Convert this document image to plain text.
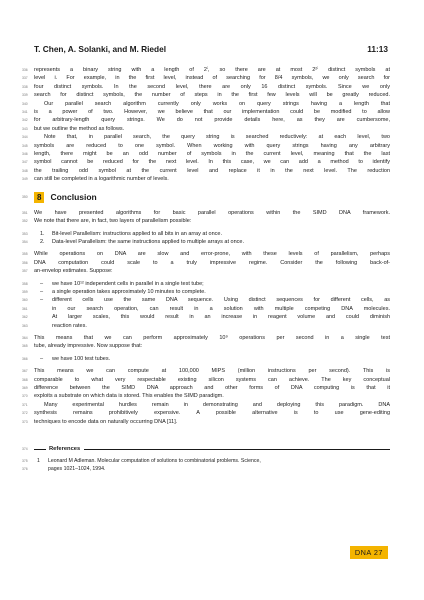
T. Chen, A. Solanki, and M. Riedel	11:13
336 represents a binary string with a length of 2ⁱ, so there are at most 2²ⁱ distinct symbols at
337 level i. For example, in the first level, instead of searching for 8/4 symbols, we only search for
338 four distinct symbols. In the second level, there are only 16 distinct symbols. Since we only
339 search for distinct symbols, the number of steps in the first few levels will be greatly reduced.
340	Our parallel search algorithm currently only works on query strings having a length that
341 is a power of two. However, we believe that our implementation could be modified to allow
342 for arbitrary-length query strings. We do not provide details here, as they are cumbersome,
343 but we outline the method as follows.
344	Note that, in parallel search, the query string is searched reductively: at each level, two
345 symbols are reduced to one symbol. When working with query strings having any arbitrary
346 length, there might be an odd number of symbols in the current level, meaning that the last
347 symbol cannot be reduced for the next level. In this case, we can add a method to identify
348 the trailing odd symbol at the current level and replace it in the next level. The reduction
349 can still be completed in a logarithmic number of levels.
350	8	Conclusion
351 We have presented algorithms for basic parallel operations within the SIMD DNA framework.
352 We note that there are, in fact, two layers of parallelism possible:
353 1. Bit-level Parallelism: instructions applied to all bits in an array at once.
354 2. Data-level Parallelism: the same instructions applied to multiple arrays at once.
355 While operations on DNA are slow and error-prone, with these levels of parallelism, perhaps
356 DNA computation could scale to a truly impressive regime. Consider the following back-of-
357 an-envelop estimates. Suppose:
358 – we have 10¹² independent cells in parallel in a single test tube;
359 – a single operation takes approximately 10 minutes to complete.
360 – different cells use the same DNA sequence. Using distinct sequences for different cells, as
361	in our search operation, can result in a solution with multiple competing DNA molecules.
362	At larger scales, this would result in an increase in reagent volume and could diminish
363	reaction rates.
364 This means that we can perform approximately 10⁹ operations per second in a single test
365 tube, already impressive. Now suppose that:
366 – we have 100 test tubes.
367 This means we can compute at 100,000 MIPS (million instructions per second). This is
368 comparable to what very respectable existing silicon systems can achieve. The key conceptual
369 difference between the SIMD DNA approach and other forms of DNA computing is that it
370 exploits a substrate on which data is stored. This enables the SIMD paradigm.
371	Many experimental hurdles remain in demonstrating and deploying this paradigm. DNA
372 synthesis remains prohibitively expensive. A possible alternative is to use gene-editing
373 techniques to encode data on naturally occurring DNA [11].
374	References
375 1 Leonard M Adleman. Molecular computation of solutions to combinatorial problems. Science,
376	pages 1021–1024, 1994.
DNA 27
